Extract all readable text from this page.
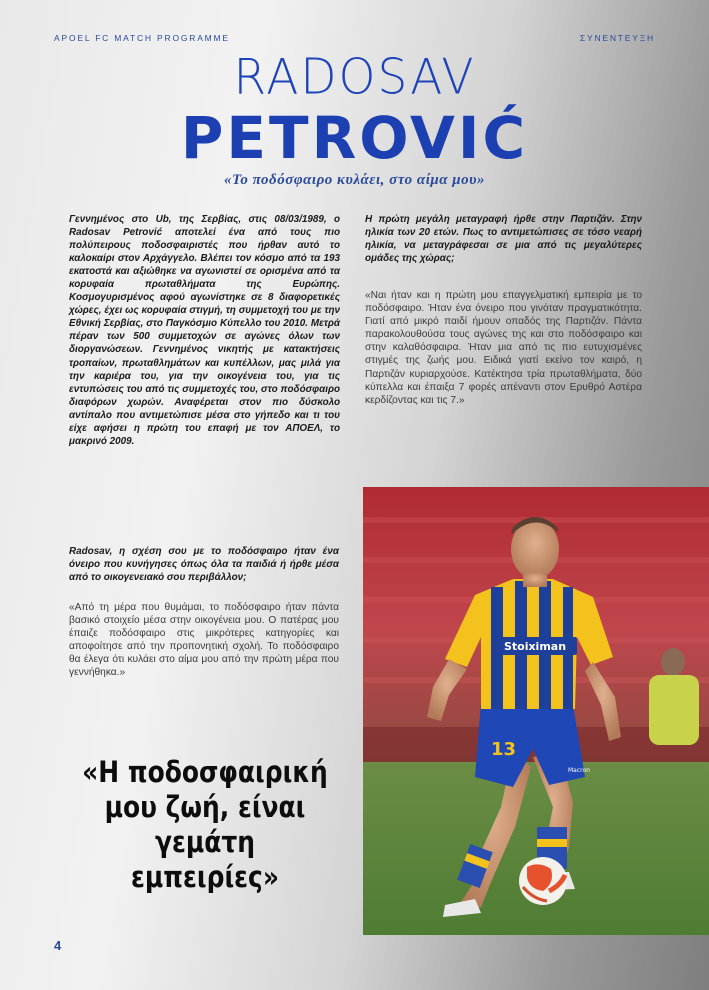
APOEL FC MATCH PROGRAMME	ΣΥΝΕΝΤΕΥΞΗ
RADOSAV
PETROVIĆ
«Το ποδόσφαιρο κυλάει, στο αίμα μου»
Γεννημένος στο Ub, της Σερβίας, στις 08/03/1989, ο Radosav Petrović αποτελεί ένα από τους πιο πολύπειρους ποδοσφαιριστές που ήρθαν αυτό το καλοκαίρι στον Αρχάγγελο. Βλέπει τον κόσμο από τα 193 εκατοστά και αξιώθηκε να αγωνιστεί σε ορισμένα από τα κορυφαία πρωταθλήματα της Ευρώπης. Κοσμογυρισμένος αφού αγωνίστηκε σε 8 διαφορετικές χώρες, έχει ως κορυφαία στιγμή, τη συμμετοχή του με την Εθνική Σερβίας, στο Παγκόσμιο Κύπελλο του 2010. Μετρά πέραν των 500 συμμετοχών σε αγώνες όλων των διοργανώσεων. Γεννημένος νικητής με κατακτήσεις τροπαίων, πρωταθλημάτων και κυπέλλων, μας μιλά για την καριέρα του, για την οικογένεια του, για τις εντυπώσεις του από τις συμμετοχές του, στο ποδόσφαιρο διαφόρων χωρών. Αναφέρεται στον πιο δύσκολο αντίπαλο που αντιμετώπισε μέσα στο γήπεδο και τι του είχε αφήσει η πρώτη του επαφή με τον ΑΠΟΕΛ, το μακρινό 2009.
Η πρώτη μεγάλη μεταγραφή ήρθε στην Παρτιζάν. Στην ηλικία των 20 ετών. Πως το αντιμετώπισες σε τόσο νεαρή ηλικία, να μεταγράφεσαι σε μια από τις μεγαλύτερες ομάδες της χώρας;
«Ναι ήταν και η πρώτη μου επαγγελματική εμπειρία με το ποδόσφαιρο. Ήταν ένα όνειρο που γινόταν πραγματικότητα. Γιατί από μικρό παιδί ήμουν οπαδός της Παρτιζάν. Πάντα παρακολουθούσα τους αγώνες της και στο ποδόσφαιρο και στην καλαθόσφαιρα. Ήταν μια από τις πιο ευτυχισμένες στιγμές της ζωής μου. Ειδικά γιατί εκείνο τον καιρό, η Παρτιζάν κυριαρχούσε. Κατέκτησα τρία πρωταθλήματα, δύο κύπελλα και έπαιξα 7 φορές απέναντι στον Ερυθρό Αστέρα κερδίζοντας και τις 7.»
Radosav, η σχέση σου με το ποδόσφαιρο ήταν ένα όνειρο που κυνήγησες όπως όλα τα παιδιά ή ήρθε μέσα από το οικογενειακό σου περιβάλλον;
«Από τη μέρα που θυμάμαι, το ποδόσφαιρο ήταν πάντα βασικό στοιχείο μέσα στην οικογένεια μου. Ο πατέρας μου έπαιζε ποδόσφαιρο στις μικρότερες κατηγορίες και αποφοίτησε από την προπονητική σχολή. Το ποδόσφαιρο θα έλεγα ότι κυλάει στο αίμα μου από την πρώτη μέρα που γεννήθηκα.»
«Η ποδοσφαιρική
μου ζωή, είναι
γεμάτη εμπειρίες»
13
Stoiximan
Macron
4
